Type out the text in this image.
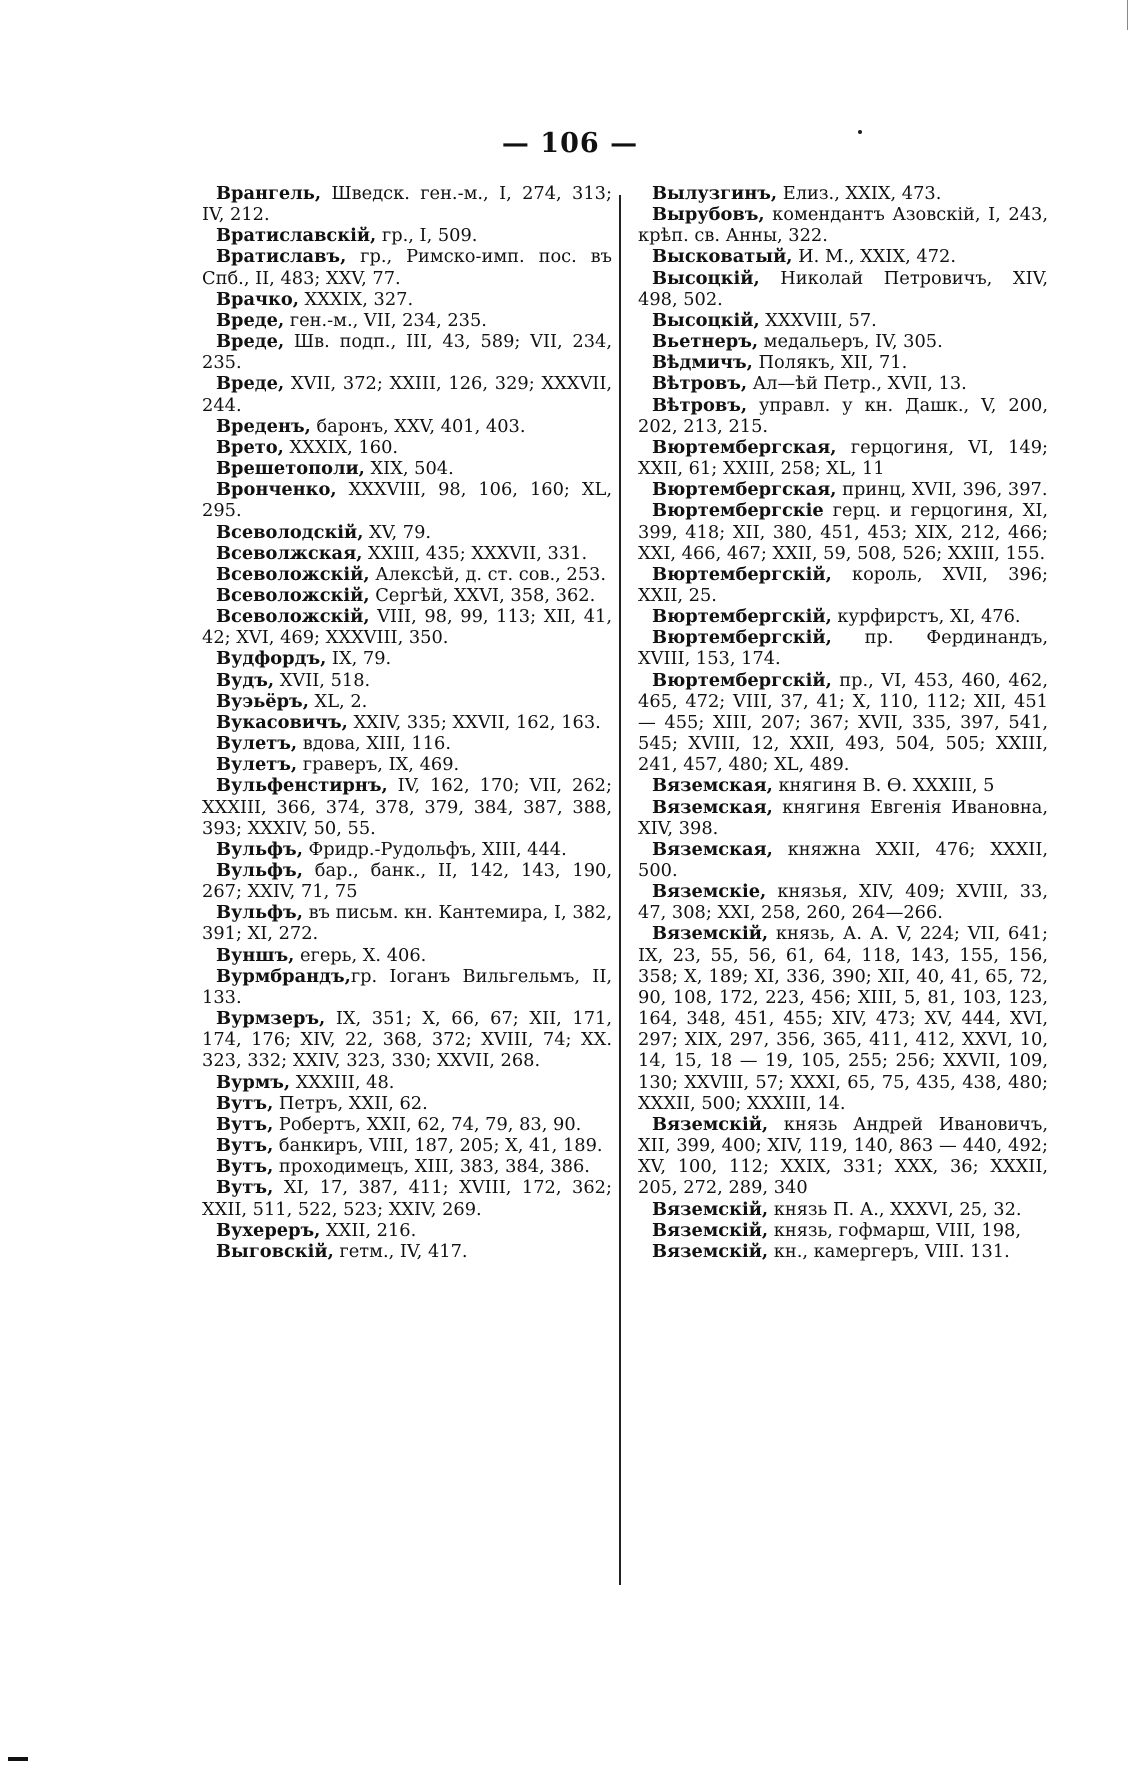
— 106 —
Врангель, Шведск. ген.-м., I, 274, 313; IV, 212.
Вратиславскій, гр., I, 509.
Вратиславъ, гр., Римско-имп. пос. въ Спб., II, 483; XXV, 77.
Врачко, XXXIX, 327.
Вреде, ген.-м., VII, 234, 235.
Вреде, Шв. подп., III, 43, 589; VII, 234, 235.
Вреде, XVII, 372; XXIII, 126, 329; XXXVII, 244.
Вреденъ, баронъ, XXV, 401, 403.
Врето, XXXIX, 160.
Врешетополи, XIX, 504.
Вронченко, XXXVIII, 98, 106, 160; XL, 295.
Всеволодскій, XV, 79.
Всеволжская, XXIII, 435; XXXVII, 331.
Всеволожскій, Алексѣй, д. ст. сов., 253.
Всеволожскій, Сергѣй, XXVI, 358, 362.
Всеволожскій, VIII, 98, 99, 113; XII, 41, 42; XVI, 469; XXXVIII, 350.
Вудфордъ, IX, 79.
Вудъ, XVII, 518.
Вуэьёръ, XL, 2.
Вукасовичъ, XXIV, 335; XXVII, 162, 163.
Вулетъ, вдова, XIII, 116.
Вулетъ, граверъ, IX, 469.
Вульфенстирнъ, IV, 162, 170; VII, 262; XXXIII, 366, 374, 378, 379, 384, 387, 388, 393; XXXIV, 50, 55.
Вульфъ, Фридр.-Рудольфъ, XIII, 444.
Вульфъ, бар., банк., II, 142, 143, 190, 267; XXIV, 71, 75
Вульфъ, въ письм. кн. Кантемира, I, 382, 391; XI, 272.
Вуншъ, егерь, X. 406.
Вурмбрандъ,гр. Іоганъ Вильгельмъ, II, 133.
Вурмзеръ, IX, 351; X, 66, 67; XII, 171, 174, 176; XIV, 22, 368, 372; XVIII, 74; XX. 323, 332; XXIV, 323, 330; XXVII, 268.
Вурмъ, XXXIII, 48.
Вутъ, Петръ, XXII, 62.
Вутъ, Робертъ, XXII, 62, 74, 79, 83, 90.
Вутъ, банкиръ, VIII, 187, 205; X, 41, 189.
Вутъ, проходимецъ, XIII, 383, 384, 386.
Вутъ, XI, 17, 387, 411; XVIII, 172, 362; XXII, 511, 522, 523; XXIV, 269.
Вухереръ, XXII, 216.
Выговскій, гетм., IV, 417.
Вылузгинъ, Елиз., XXIX, 473.
Вырубовъ, комендантъ Азовскій, I, 243, крѣп. св. Анны, 322.
Высковатый, И. М., XXIX, 472.
Высоцкій, Николай Петровичъ, XIV, 498, 502.
Высоцкій, XXXVIII, 57.
Вьетнеръ, медальеръ, IV, 305.
Вѣдмичъ, Полякъ, XII, 71.
Вѣтровъ, Ал—ѣй Петр., XVII, 13.
Вѣтровъ, управл. у кн. Дашк., V, 200, 202, 213, 215.
Вюртембергская, герцогиня, VI, 149; XXII, 61; XXIII, 258; XL, 11
Вюртембергская, принц, XVII, 396, 397.
Вюртембергскіе герц. и герцогиня, XI, 399, 418; XII, 380, 451, 453; XIX, 212, 466; XXI, 466, 467; XXII, 59, 508, 526; XXIII, 155.
Вюртембергскій, король, XVII, 396; XXII, 25.
Вюртембергскій, курфирстъ, XI, 476.
Вюртембергскій, пр. Фердинандъ, XVIII, 153, 174.
Вюртембергскій, пр., VI, 453, 460, 462, 465, 472; VIII, 37, 41; X, 110, 112; XII, 451 — 455; XIII, 207; 367; XVII, 335, 397, 541, 545; XVIII, 12, XXII, 493, 504, 505; XXIII, 241, 457, 480; XL, 489.
Вяземская, княгиня В. Ѳ. XXXIII, 5
Вяземская, княгиня Евгенія Ивановна, XIV, 398.
Вяземская, княжна XXII, 476; XXXII, 500.
Вяземскіе, князья, XIV, 409; XVIII, 33, 47, 308; XXI, 258, 260, 264—266.
Вяземскій, князь, А. А. V, 224; VII, 641; IX, 23, 55, 56, 61, 64, 118, 143, 155, 156, 358; X, 189; XI, 336, 390; XII, 40, 41, 65, 72, 90, 108, 172, 223, 456; XIII, 5, 81, 103, 123, 164, 348, 451, 455; XIV, 473; XV, 444, XVI, 297; XIX, 297, 356, 365, 411, 412, XXVI, 10, 14, 15, 18 — 19, 105, 255; 256; XXVII, 109, 130; XXVIII, 57; XXXI, 65, 75, 435, 438, 480; XXXII, 500; XXXIII, 14.
Вяземскій, князь Андрей Ивановичъ, XII, 399, 400; XIV, 119, 140, 863 — 440, 492; XV, 100, 112; XXIX, 331; XXX, 36; XXXII, 205, 272, 289, 340
Вяземскій, князь П. А., XXXVI, 25, 32.
Вяземскій, князь, гофмарш, VIII, 198,
Вяземскій, кн., камергеръ, VIII. 131.
